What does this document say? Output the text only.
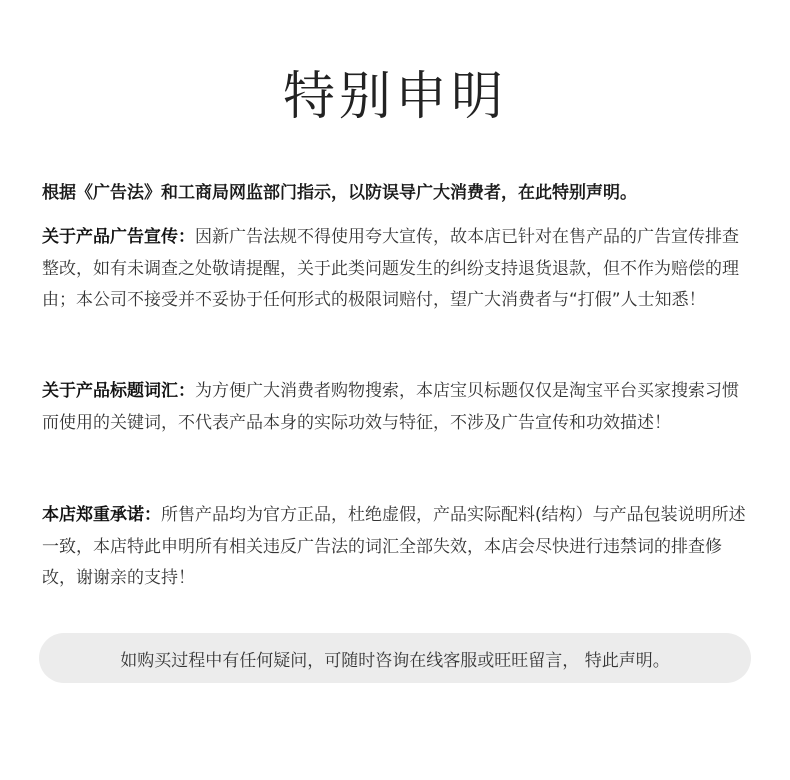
特别申明
根据《广告法》和工商局网监部门指示，以防误导广大消费者，在此特别声明。
关于产品广告宣传：因新广告法规不得使用夸大宣传，故本店已针对在售产品的广告宣传排查整改，如有未调查之处敬请提醒，关于此类问题发生的纠纷支持退货退款，但不作为赔偿的理由；本公司不接受并不妥协于任何形式的极限词赔付，望广大消费者与“打假”人士知悉！
关于产品标题词汇：为方便广大消费者购物搜索，本店宝贝标题仅仅是淘宝平台买家搜索习惯而使用的关键词，不代表产品本身的实际功效与特征，不涉及广告宣传和功效描述！
本店郑重承诺：所售产品均为官方正品，杜绝虚假，产品实际配料(结构）与产品包装说明所述一致，本店特此申明所有相关违反广告法的词汇全部失效，本店会尽快进行违禁词的排查修改，谢谢亲的支持！
如购买过程中有任何疑问，可随时咨询在线客服或旺旺留言， 特此声明。
